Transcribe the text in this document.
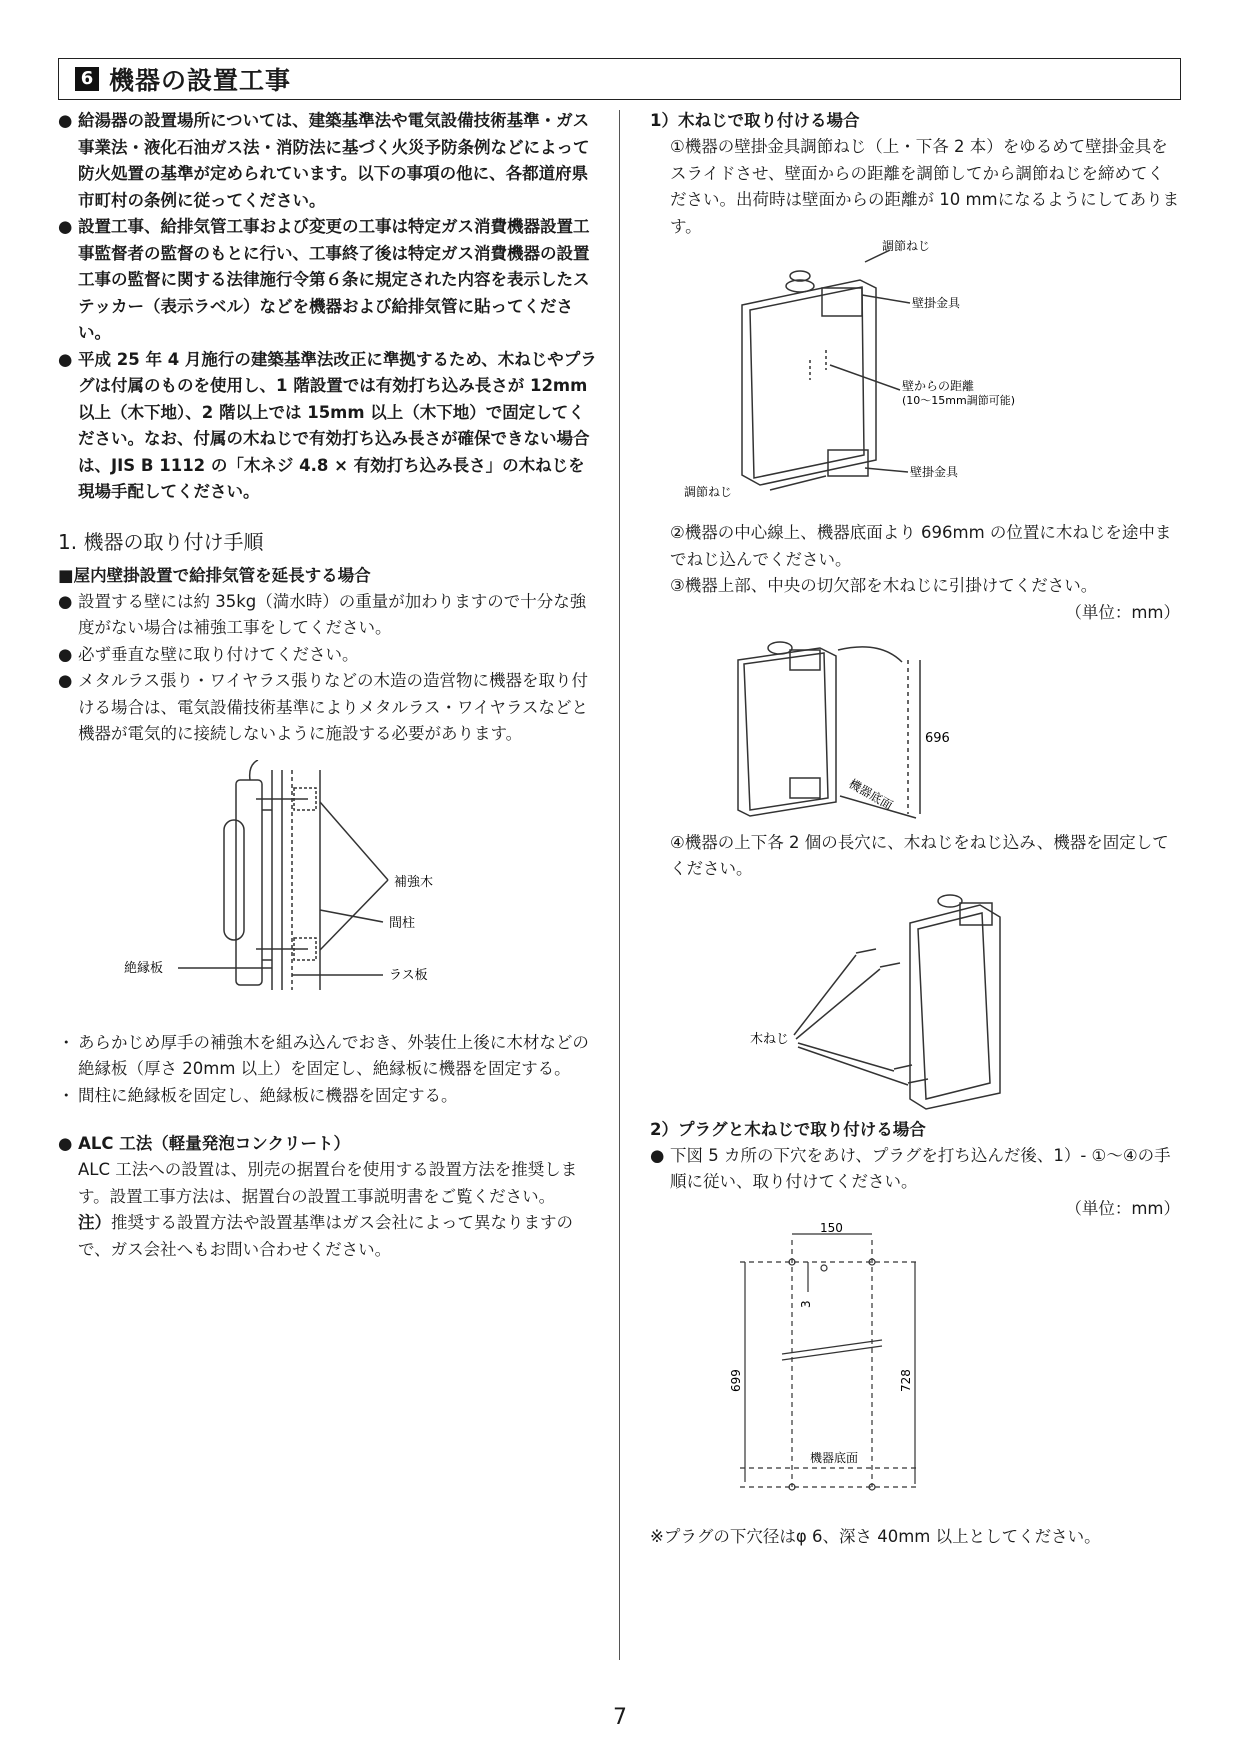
6 機器の設置工事
● 給湯器の設置場所については、建築基準法や電気設備技術基準・ガス事業法・液化石油ガス法・消防法に基づく火災予防条例などによって防火処置の基準が定められています。以下の事項の他に、各都道府県市町村の条例に従ってください。
● 設置工事、給排気管工事および変更の工事は特定ガス消費機器設置工事監督者の監督のもとに行い、工事終了後は特定ガス消費機器の設置工事の監督に関する法律施行令第６条に規定された内容を表示したステッカー（表示ラベル）などを機器および給排気管に貼ってください。
● 平成 25 年 4 月施行の建築基準法改正に準拠するため、木ねじやプラグは付属のものを使用し、1 階設置では有効打ち込み長さが 12mm 以上（木下地）、2 階以上では 15mm 以上（木下地）で固定してください。なお、付属の木ねじで有効打ち込み長さが確保できない場合は、JIS B 1112 の「木ネジ 4.8 × 有効打ち込み長さ」の木ねじを現場手配してください。
1. 機器の取り付け手順
■屋内壁掛設置で給排気管を延長する場合
● 設置する壁には約 35kg（満水時）の重量が加わりますので十分な強度がない場合は補強工事をしてください。
● 必ず垂直な壁に取り付けてください。
● メタルラス張り・ワイヤラス張りなどの木造の造営物に機器を取り付ける場合は、電気設備技術基準によりメタルラス・ワイヤラスなどと機器が電気的に接続しないように施設する必要があります。
補強木
間柱
絶縁板	ラス板
・ あらかじめ厚手の補強木を組み込んでおき、外装仕上後に木材などの絶縁板（厚さ 20mm 以上）を固定し、絶縁板に機器を固定する。
・ 間柱に絶縁板を固定し、絶縁板に機器を固定する。
● ALC 工法（軽量発泡コンクリート）
ALC 工法への設置は、別売の据置台を使用する設置方法を推奨します。設置工事方法は、据置台の設置工事説明書をご覧ください。
注）推奨する設置方法や設置基準はガス会社によって異なりますので、ガス会社へもお問い合わせください。
1）木ねじで取り付ける場合
①機器の壁掛金具調節ねじ（上・下各 2 本）をゆるめて壁掛金具をスライドさせ、壁面からの距離を調節してから調節ねじを締めてください。出荷時は壁面からの距離が 10 mmになるようにしてあります。
調節ねじ
壁掛金具
壁からの距離
(10〜15mm調節可能)
壁掛金具
調節ねじ
②機器の中心線上、機器底面より 696mm の位置に木ねじを途中までねじ込んでください。
③機器上部、中央の切欠部を木ねじに引掛けてください。
（単位：mm）
696
機器底面
④機器の上下各 2 個の長穴に、木ねじをねじ込み、機器を固定してください。
木ねじ
2）プラグと木ねじで取り付ける場合
● 下図 5 カ所の下穴をあけ、プラグを打ち込んだ後、1）- ①〜④の手順に従い、取り付けてください。
（単位：mm）
150
3
699	728
機器底面
※プラグの下穴径はφ 6、深さ 40mm 以上としてください。
7
